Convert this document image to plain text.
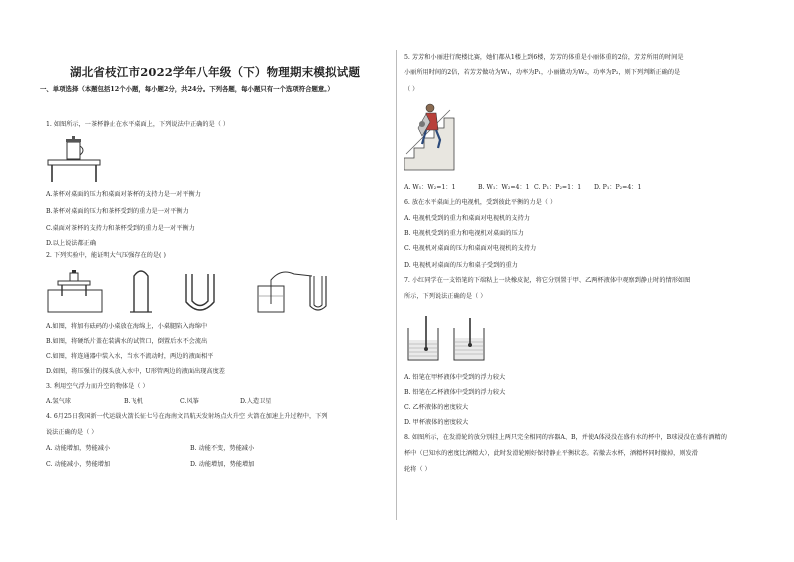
湖北省枝江市2022学年八年级（下）物理期末模拟试题
一、单项选择（本题包括12个小题，每小题2分，共24分。下列各题，每小题只有一个选项符合题意。）
1. 如图所示，一茶杯静止在水平桌面上，下列说法中正确的是（ ）
A.茶杯对桌面的压力和桌面对茶杯的支持力是一对平衡力
B.茶杯对桌面的压力和茶杯受到的重力是一对平衡力
C.桌面对茶杯的支持力和茶杯受到的重力是一对平衡力
D.以上说法都正确
2. 下列实验中，能证明大气压强存在的是( )
A.如图，将加有砝码的小桌放在海绵上，小桌腿陷入海绵中
B.如图，将硬纸片盖在装满水的试管口，倒置后水不会流出
C.如图，将连通器中装入水，当水不流动时，两边的液面相平
D.如图，将压强计的探头放入水中，U形管两边的液面出现高度差
3. 利用空气浮力而升空的物体是（ ）
A.氢气球	B.飞机	C.风筝	D.人造卫星
4. 6月25日我国新一代运载火箭长征七号在海南文昌航天发射场点火升空 火箭在加速上升过程中，下列
说法正确的是（ ）
A. 动能增加，势能减小	B. 动能不变，势能减小
C. 动能减小，势能增加	D. 动能增加，势能增加
5. 芳芳和小丽进行爬楼比赛，她们都从1楼上到6楼，芳芳的体重是小丽体重的2倍，芳芳所用的时间是
小丽所用时间的2倍，若芳芳做功为W₁，功率为P₁，小丽做功为W₂，功率为P₂，则下列判断正确的是
（ ）
A. W₁：W₂=1：1	B. W₁：W₂=4：1 C. P₁：P₂=1：1 D. P₁：P₂=4：1
6. 放在水平桌面上的电视机，受到彼此平衡的力是（ ）
A. 电视机受到的重力和桌面对电视机的支持力
B. 电视机受到的重力和电视机对桌面的压力
C. 电视机对桌面的压力和桌面对电视机的支持力
D. 电视机对桌面的压力和桌子受到的重力
7. 小红同学在一支铅笔的下端粘上一块橡皮泥，将它分别置于甲、乙两杯液体中观察到静止时的情形如图
所示，下列说法正确的是（ ）
A. 铅笔在甲杯液体中受到的浮力较大
B. 铅笔在乙杯液体中受到的浮力较大
C. 乙杯液体的密度较大
D. 甲杯液体的密度较大
8. 如图所示，在发滑轮的放分别挂上两只完全相同的容器A、B，并使A体浸没在盛有水的杯中，B球浸没在盛有酒精的
杯中（已知水的密度比酒精大），此时发滑轮刚好保持静止平衡状态。若撤去水杯，酒精杯同时撤掉，则发滑
轮将（ ）
